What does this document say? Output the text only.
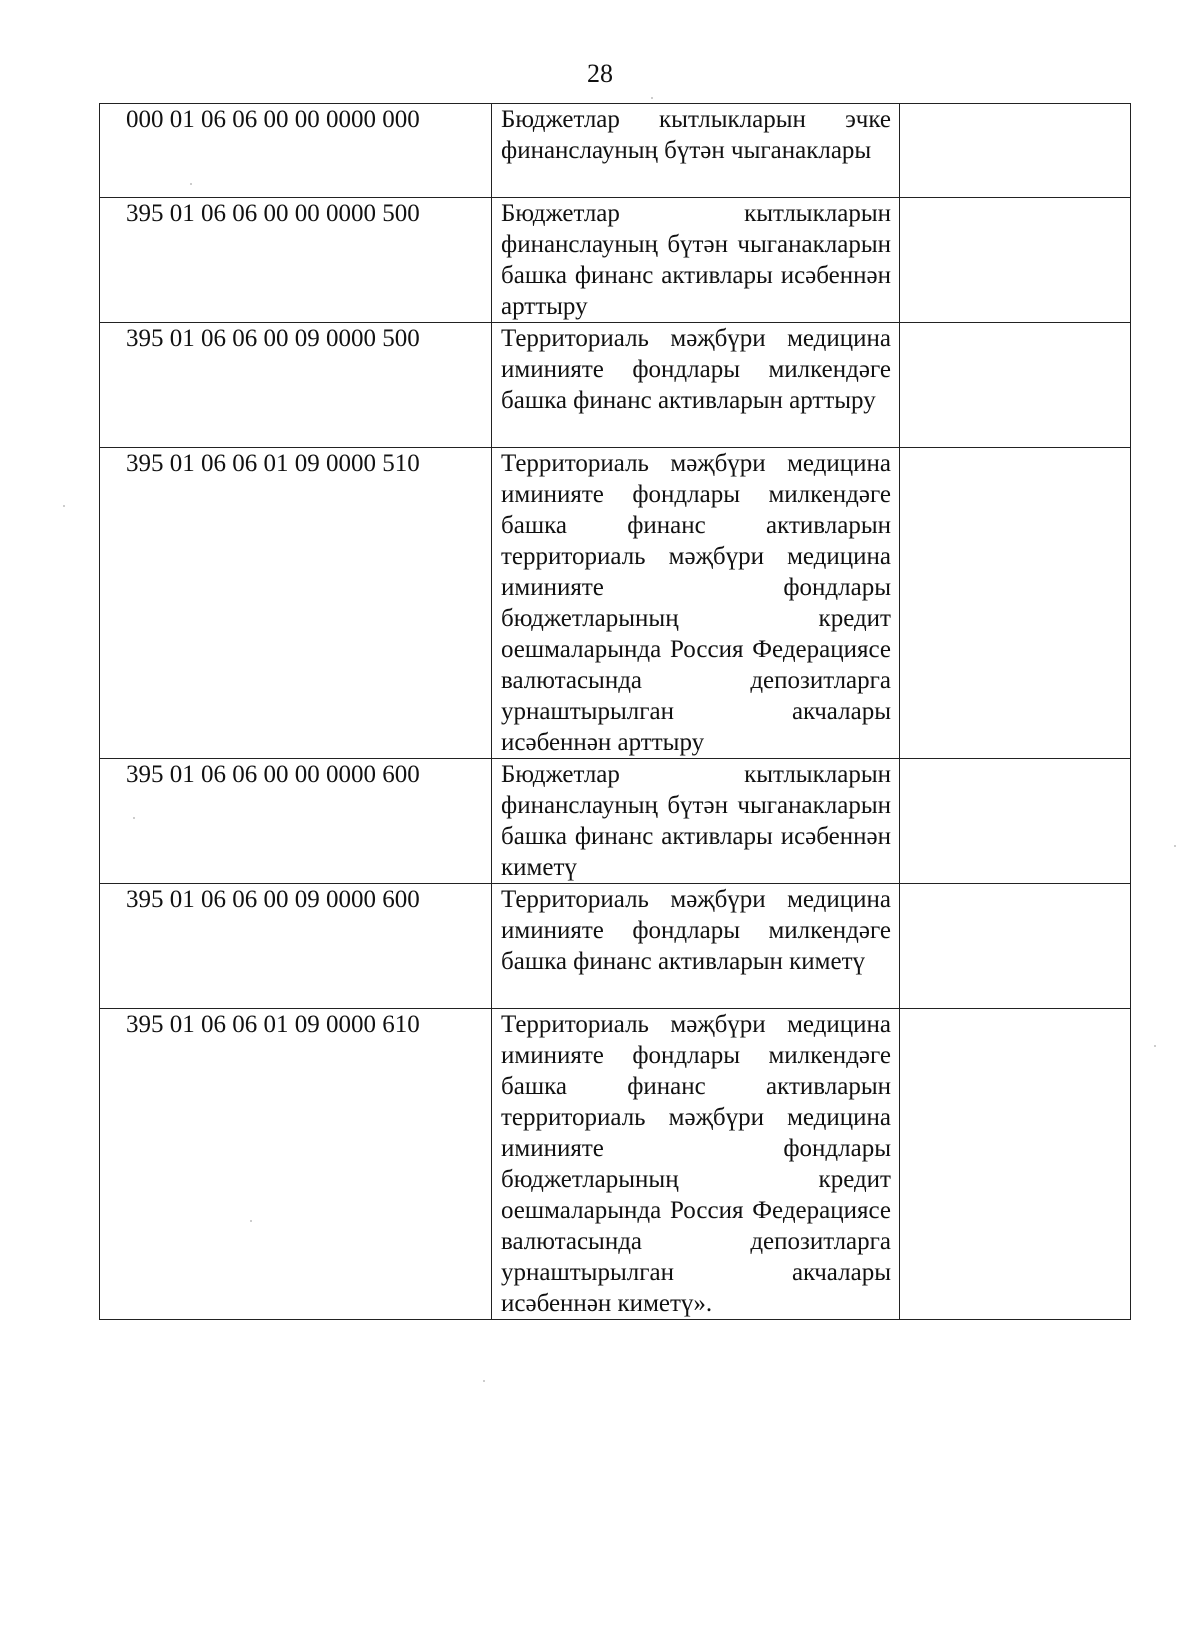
28
000 01 06 06 00 00 0000 000	Бюджетлар кытлыкларын эчке финанслауның бүтән чыганаклары	
395 01 06 06 00 00 0000 500	Бюджетлар кытлыкларын финанслауның бүтән чыганакларын башка финанс активлары исәбеннән арттыру	
395 01 06 06 00 09 0000 500	Территориаль мәҗбүри медицина иминияте фондлары милкендәге башка финанс активларын арттыру	
395 01 06 06 01 09 0000 510	Территориаль мәҗбүри медицина иминияте фондлары милкендәге башка финанс активларын территориаль мәҗбүри медицина иминияте фондлары бюджетларының кредит оешмаларында Россия Федерациясе валютасында депозитларга урнаштырылган акчалары исәбеннән арттыру	
395 01 06 06 00 00 0000 600	Бюджетлар кытлыкларын финанслауның бүтән чыганакларын башка финанс активлары исәбеннән киметү	
395 01 06 06 00 09 0000 600	Территориаль мәҗбүри медицина иминияте фондлары милкендәге башка финанс активларын киметү	
395 01 06 06 01 09 0000 610	Территориаль мәҗбүри медицина иминияте фондлары милкендәге башка финанс активларын территориаль мәҗбүри медицина иминияте фондлары бюджетларының кредит оешмаларында Россия Федерациясе валютасында депозитларга урнаштырылган акчалары исәбеннән киметү».	
